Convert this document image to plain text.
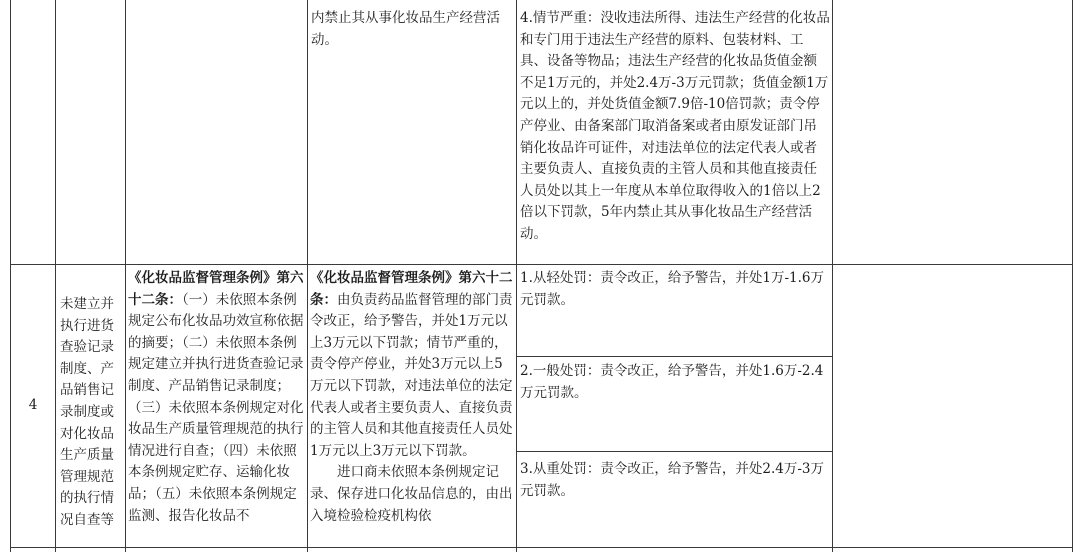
内禁止其从事化妆品生产经营活动。

4.情节严重：没收违法所得、违法生产经营的化妆品和专门用于违法生产经营的原料、包装材料、工具、设备等物品；违法生产经营的化妆品货值金额不足1万元的，并处2.4万-3万元罚款；货值金额1万元以上的，并处货值金额7.9倍-10倍罚款；责令停产停业、由备案部门取消备案或者由原发证部门吊销化妆品许可证件，对违法单位的法定代表人或者主要负责人、直接负责的主管人员和其他直接责任人员处以其上一年度从本单位取得收入的1倍以上2倍以下罚款，5年内禁止其从事化妆品生产经营活动。

4

未建立并执行进货查验记录制度、产品销售记录制度或对化妆品生产质量管理规范的执行情况自查等

《化妆品监督管理条例》第六十二条：（一）未依照本条例规定公布化妆品功效宣称依据的摘要；（二）未依照本条例规定建立并执行进货查验记录制度、产品销售记录制度；（三）未依照本条例规定对化妆品生产质量管理规范的执行情况进行自查；（四）未依照本条例规定贮存、运输化妆品；（五）未依照本条例规定监测、报告化妆品不

《化妆品监督管理条例》第六十二条：由负责药品监督管理的部门责令改正，给予警告，并处1万元以上3万元以下罚款；情节严重的，责令停产停业，并处3万元以上5万元以下罚款，对违法单位的法定代表人或者主要负责人、直接负责的主管人员和其他直接责任人员处1万元以上3万元以下罚款。

进口商未依照本条例规定记录、保存进口化妆品信息的，由出入境检验检疫机构依

1.从轻处罚：责令改正，给予警告，并处1万-1.6万元罚款。

2.一般处罚：责令改正，给予警告，并处1.6万-2.4万元罚款。

3.从重处罚：责令改正，给予警告，并处2.4万-3万元罚款。
